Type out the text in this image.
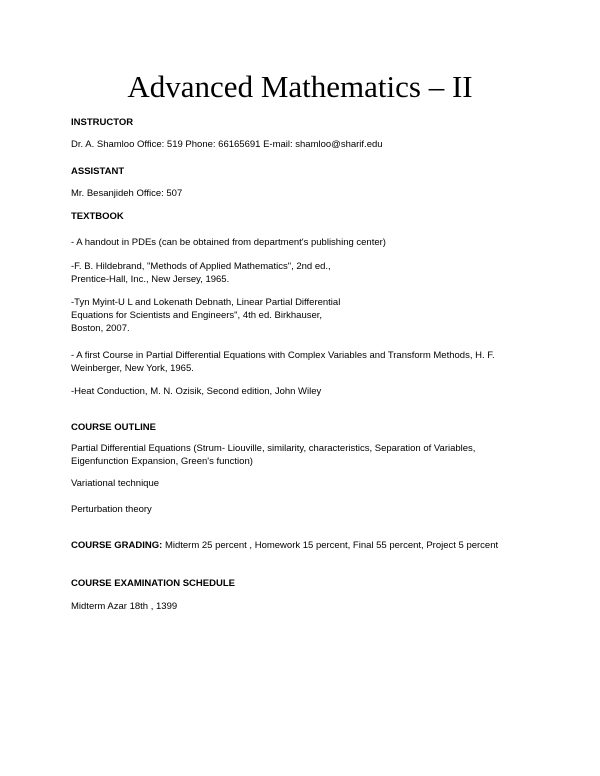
Advanced Mathematics – II
INSTRUCTOR
Dr. A. Shamloo Office: 519 Phone: 66165691 E-mail: shamloo@sharif.edu
ASSISTANT
Mr. Besanjideh Office: 507
TEXTBOOK
- A handout in PDEs (can be obtained from department's publishing center)
-F. B. Hildebrand, "Methods of Applied Mathematics", 2nd ed.,
Prentice-Hall, Inc., New Jersey, 1965.
-Tyn Myint-U L and Lokenath Debnath, Linear Partial Differential
Equations for Scientists and Engineers", 4th ed. Birkhauser,
Boston, 2007.
- A first Course in Partial Differential Equations with Complex Variables and Transform Methods, H. F.
Weinberger, New York, 1965.
-Heat Conduction, M. N. Ozisik, Second edition, John Wiley
COURSE OUTLINE
Partial Differential Equations (Strum- Liouville, similarity, characteristics, Separation of Variables,
Eigenfunction Expansion, Green's function)
Variational technique
Perturbation theory
COURSE GRADING: Midterm 25 percent , Homework 15 percent, Final 55 percent, Project 5 percent
COURSE EXAMINATION SCHEDULE
Midterm Azar 18th , 1399
